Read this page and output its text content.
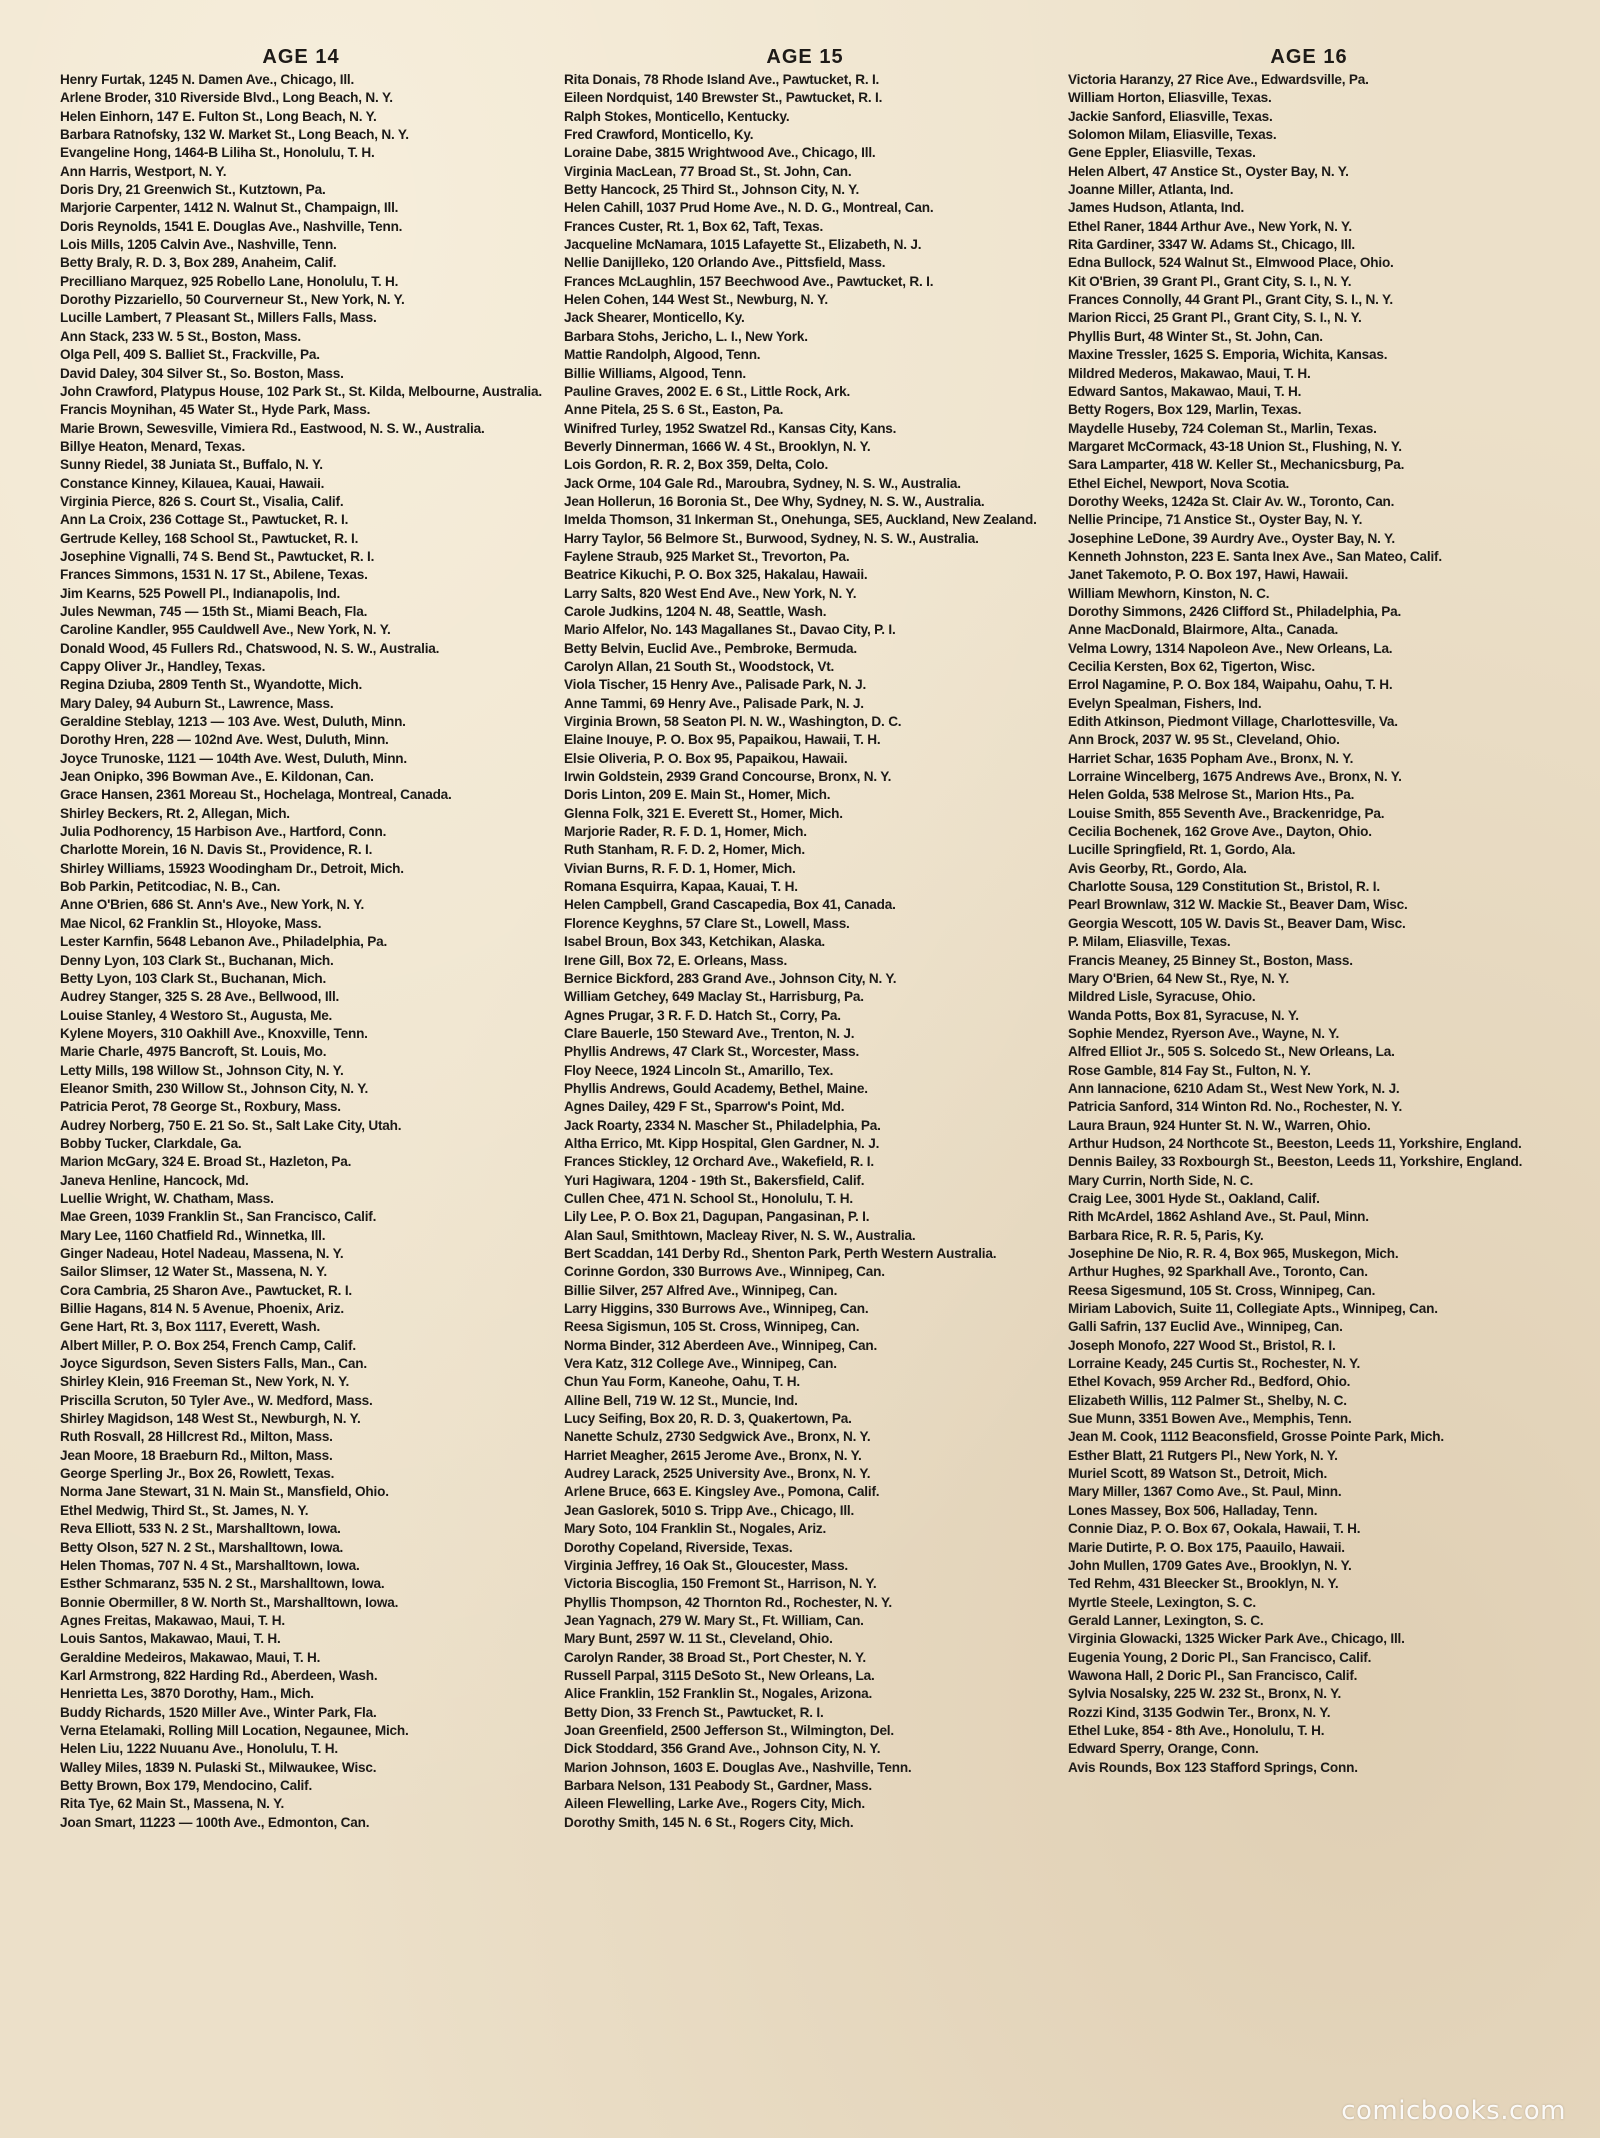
AGE 14
Henry Furtak, 1245 N. Damen Ave., Chicago, Ill.
Arlene Broder, 310 Riverside Blvd., Long Beach, N. Y.
Helen Einhorn, 147 E. Fulton St., Long Beach, N. Y.
Barbara Ratnofsky, 132 W. Market St., Long Beach, N. Y.
Evangeline Hong, 1464-B Liliha St., Honolulu, T. H.
Ann Harris, Westport, N. Y.
Doris Dry, 21 Greenwich St., Kutztown, Pa.
Marjorie Carpenter, 1412 N. Walnut St., Champaign, Ill.
Doris Reynolds, 1541 E. Douglas Ave., Nashville, Tenn.
Lois Mills, 1205 Calvin Ave., Nashville, Tenn.
Betty Braly, R. D. 3, Box 289, Anaheim, Calif.
Precilliano Marquez, 925 Robello Lane, Honolulu, T. H.
Dorothy Pizzariello, 50 Courverneur St., New York, N. Y.
Lucille Lambert, 7 Pleasant St., Millers Falls, Mass.
Ann Stack, 233 W. 5 St., Boston, Mass.
Olga Pell, 409 S. Balliet St., Frackville, Pa.
David Daley, 304 Silver St., So. Boston, Mass.
John Crawford, Platypus House, 102 Park St., St. Kilda, Melbourne, Australia.
Francis Moynihan, 45 Water St., Hyde Park, Mass.
Marie Brown, Sewesville, Vimiera Rd., Eastwood, N. S. W., Australia.
Billye Heaton, Menard, Texas.
Sunny Riedel, 38 Juniata St., Buffalo, N. Y.
Constance Kinney, Kilauea, Kauai, Hawaii.
Virginia Pierce, 826 S. Court St., Visalia, Calif.
Ann La Croix, 236 Cottage St., Pawtucket, R. I.
Gertrude Kelley, 168 School St., Pawtucket, R. I.
Josephine Vignalli, 74 S. Bend St., Pawtucket, R. I.
Frances Simmons, 1531 N. 17 St., Abilene, Texas.
Jim Kearns, 525 Powell Pl., Indianapolis, Ind.
Jules Newman, 745 — 15th St., Miami Beach, Fla.
Caroline Kandler, 955 Cauldwell Ave., New York, N. Y.
Donald Wood, 45 Fullers Rd., Chatswood, N. S. W., Australia.
Cappy Oliver Jr., Handley, Texas.
Regina Dziuba, 2809 Tenth St., Wyandotte, Mich.
Mary Daley, 94 Auburn St., Lawrence, Mass.
Geraldine Steblay, 1213 — 103 Ave. West, Duluth, Minn.
Dorothy Hren, 228 — 102nd Ave. West, Duluth, Minn.
Joyce Trunoske, 1121 — 104th Ave. West, Duluth, Minn.
Jean Onipko, 396 Bowman Ave., E. Kildonan, Can.
Grace Hansen, 2361 Moreau St., Hochelaga, Montreal, Canada.
Shirley Beckers, Rt. 2, Allegan, Mich.
Julia Podhorency, 15 Harbison Ave., Hartford, Conn.
Charlotte Morein, 16 N. Davis St., Providence, R. I.
Shirley Williams, 15923 Woodingham Dr., Detroit, Mich.
Bob Parkin, Petitcodiac, N. B., Can.
Anne O'Brien, 686 St. Ann's Ave., New York, N. Y.
Mae Nicol, 62 Franklin St., Hloyoke, Mass.
Lester Karnfin, 5648 Lebanon Ave., Philadelphia, Pa.
Denny Lyon, 103 Clark St., Buchanan, Mich.
Betty Lyon, 103 Clark St., Buchanan, Mich.
Audrey Stanger, 325 S. 28 Ave., Bellwood, Ill.
Louise Stanley, 4 Westoro St., Augusta, Me.
Kylene Moyers, 310 Oakhill Ave., Knoxville, Tenn.
Marie Charle, 4975 Bancroft, St. Louis, Mo.
Letty Mills, 198 Willow St., Johnson City, N. Y.
Eleanor Smith, 230 Willow St., Johnson City, N. Y.
Patricia Perot, 78 George St., Roxbury, Mass.
Audrey Norberg, 750 E. 21 So. St., Salt Lake City, Utah.
Bobby Tucker, Clarkdale, Ga.
Marion McGary, 324 E. Broad St., Hazleton, Pa.
Janeva Henline, Hancock, Md.
Luellie Wright, W. Chatham, Mass.
Mae Green, 1039 Franklin St., San Francisco, Calif.
Mary Lee, 1160 Chatfield Rd., Winnetka, Ill.
Ginger Nadeau, Hotel Nadeau, Massena, N. Y.
Sailor Slimser, 12 Water St., Massena, N. Y.
Cora Cambria, 25 Sharon Ave., Pawtucket, R. I.
Billie Hagans, 814 N. 5 Avenue, Phoenix, Ariz.
Gene Hart, Rt. 3, Box 1117, Everett, Wash.
Albert Miller, P. O. Box 254, French Camp, Calif.
Joyce Sigurdson, Seven Sisters Falls, Man., Can.
Shirley Klein, 916 Freeman St., New York, N. Y.
Priscilla Scruton, 50 Tyler Ave., W. Medford, Mass.
Shirley Magidson, 148 West St., Newburgh, N. Y.
Ruth Rosvall, 28 Hillcrest Rd., Milton, Mass.
Jean Moore, 18 Braeburn Rd., Milton, Mass.
George Sperling Jr., Box 26, Rowlett, Texas.
Norma Jane Stewart, 31 N. Main St., Mansfield, Ohio.
Ethel Medwig, Third St., St. James, N. Y.
Reva Elliott, 533 N. 2 St., Marshalltown, Iowa.
Betty Olson, 527 N. 2 St., Marshalltown, Iowa.
Helen Thomas, 707 N. 4 St., Marshalltown, Iowa.
Esther Schmaranz, 535 N. 2 St., Marshalltown, Iowa.
Bonnie Obermiller, 8 W. North St., Marshalltown, Iowa.
Agnes Freitas, Makawao, Maui, T. H.
Louis Santos, Makawao, Maui, T. H.
Geraldine Medeiros, Makawao, Maui, T. H.
Karl Armstrong, 822 Harding Rd., Aberdeen, Wash.
Henrietta Les, 3870 Dorothy, Ham., Mich.
Buddy Richards, 1520 Miller Ave., Winter Park, Fla.
Verna Etelamaki, Rolling Mill Location, Negaunee, Mich.
Helen Liu, 1222 Nuuanu Ave., Honolulu, T. H.
Walley Miles, 1839 N. Pulaski St., Milwaukee, Wisc.
Betty Brown, Box 179, Mendocino, Calif.
Rita Tye, 62 Main St., Massena, N. Y.
Joan Smart, 11223 — 100th Ave., Edmonton, Can.
AGE 15
Rita Donais, 78 Rhode Island Ave., Pawtucket, R. I.
Eileen Nordquist, 140 Brewster St., Pawtucket, R. I.
Ralph Stokes, Monticello, Kentucky.
Fred Crawford, Monticello, Ky.
Loraine Dabe, 3815 Wrightwood Ave., Chicago, Ill.
Virginia MacLean, 77 Broad St., St. John, Can.
Betty Hancock, 25 Third St., Johnson City, N. Y.
Helen Cahill, 1037 Prud Home Ave., N. D. G., Montreal, Can.
Frances Custer, Rt. 1, Box 62, Taft, Texas.
Jacqueline McNamara, 1015 Lafayette St., Elizabeth, N. J.
Nellie Danijlleko, 120 Orlando Ave., Pittsfield, Mass.
Frances McLaughlin, 157 Beechwood Ave., Pawtucket, R. I.
Helen Cohen, 144 West St., Newburg, N. Y.
Jack Shearer, Monticello, Ky.
Barbara Stohs, Jericho, L. I., New York.
Mattie Randolph, Algood, Tenn.
Billie Williams, Algood, Tenn.
Pauline Graves, 2002 E. 6 St., Little Rock, Ark.
Anne Pitela, 25 S. 6 St., Easton, Pa.
Winifred Turley, 1952 Swatzel Rd., Kansas City, Kans.
Beverly Dinnerman, 1666 W. 4 St., Brooklyn, N. Y.
Lois Gordon, R. R. 2, Box 359, Delta, Colo.
Jack Orme, 104 Gale Rd., Maroubra, Sydney, N. S. W., Australia.
Jean Hollerun, 16 Boronia St., Dee Why, Sydney, N. S. W., Australia.
Imelda Thomson, 31 Inkerman St., Onehunga, SE5, Auckland, New Zealand.
Harry Taylor, 56 Belmore St., Burwood, Sydney, N. S. W., Australia.
Faylene Straub, 925 Market St., Trevorton, Pa.
Beatrice Kikuchi, P. O. Box 325, Hakalau, Hawaii.
Larry Salts, 820 West End Ave., New York, N. Y.
Carole Judkins, 1204 N. 48, Seattle, Wash.
Mario Alfelor, No. 143 Magallanes St., Davao City, P. I.
Betty Belvin, Euclid Ave., Pembroke, Bermuda.
Carolyn Allan, 21 South St., Woodstock, Vt.
Viola Tischer, 15 Henry Ave., Palisade Park, N. J.
Anne Tammi, 69 Henry Ave., Palisade Park, N. J.
Virginia Brown, 58 Seaton Pl. N. W., Washington, D. C.
Elaine Inouye, P. O. Box 95, Papaikou, Hawaii, T. H.
Elsie Oliveria, P. O. Box 95, Papaikou, Hawaii.
Irwin Goldstein, 2939 Grand Concourse, Bronx, N. Y.
Doris Linton, 209 E. Main St., Homer, Mich.
Glenna Folk, 321 E. Everett St., Homer, Mich.
Marjorie Rader, R. F. D. 1, Homer, Mich.
Ruth Stanham, R. F. D. 2, Homer, Mich.
Vivian Burns, R. F. D. 1, Homer, Mich.
Romana Esquirra, Kapaa, Kauai, T. H.
Helen Campbell, Grand Cascapedia, Box 41, Canada.
Florence Keyghns, 57 Clare St., Lowell, Mass.
Isabel Broun, Box 343, Ketchikan, Alaska.
Irene Gill, Box 72, E. Orleans, Mass.
Bernice Bickford, 283 Grand Ave., Johnson City, N. Y.
William Getchey, 649 Maclay St., Harrisburg, Pa.
Agnes Prugar, 3 R. F. D. Hatch St., Corry, Pa.
Clare Bauerle, 150 Steward Ave., Trenton, N. J.
Phyllis Andrews, 47 Clark St., Worcester, Mass.
Floy Neece, 1924 Lincoln St., Amarillo, Tex.
Phyllis Andrews, Gould Academy, Bethel, Maine.
Agnes Dailey, 429 F St., Sparrow's Point, Md.
Jack Roarty, 2334 N. Mascher St., Philadelphia, Pa.
Altha Errico, Mt. Kipp Hospital, Glen Gardner, N. J.
Frances Stickley, 12 Orchard Ave., Wakefield, R. I.
Yuri Hagiwara, 1204 - 19th St., Bakersfield, Calif.
Cullen Chee, 471 N. School St., Honolulu, T. H.
Lily Lee, P. O. Box 21, Dagupan, Pangasinan, P. I.
Alan Saul, Smithtown, Macleay River, N. S. W., Australia.
Bert Scaddan, 141 Derby Rd., Shenton Park, Perth Western Australia.
Corinne Gordon, 330 Burrows Ave., Winnipeg, Can.
Billie Silver, 257 Alfred Ave., Winnipeg, Can.
Larry Higgins, 330 Burrows Ave., Winnipeg, Can.
Reesa Sigismun, 105 St. Cross, Winnipeg, Can.
Norma Binder, 312 Aberdeen Ave., Winnipeg, Can.
Vera Katz, 312 College Ave., Winnipeg, Can.
Chun Yau Form, Kaneohe, Oahu, T. H.
Alline Bell, 719 W. 12 St., Muncie, Ind.
Lucy Seifing, Box 20, R. D. 3, Quakertown, Pa.
Nanette Schulz, 2730 Sedgwick Ave., Bronx, N. Y.
Harriet Meagher, 2615 Jerome Ave., Bronx, N. Y.
Audrey Larack, 2525 University Ave., Bronx, N. Y.
Arlene Bruce, 663 E. Kingsley Ave., Pomona, Calif.
Jean Gaslorek, 5010 S. Tripp Ave., Chicago, Ill.
Mary Soto, 104 Franklin St., Nogales, Ariz.
Dorothy Copeland, Riverside, Texas.
Virginia Jeffrey, 16 Oak St., Gloucester, Mass.
Victoria Biscoglia, 150 Fremont St., Harrison, N. Y.
Phyllis Thompson, 42 Thornton Rd., Rochester, N. Y.
Jean Yagnach, 279 W. Mary St., Ft. William, Can.
Mary Bunt, 2597 W. 11 St., Cleveland, Ohio.
Carolyn Rander, 38 Broad St., Port Chester, N. Y.
Russell Parpal, 3115 DeSoto St., New Orleans, La.
Alice Franklin, 152 Franklin St., Nogales, Arizona.
Betty Dion, 33 French St., Pawtucket, R. I.
Joan Greenfield, 2500 Jefferson St., Wilmington, Del.
Dick Stoddard, 356 Grand Ave., Johnson City, N. Y.
Marion Johnson, 1603 E. Douglas Ave., Nashville, Tenn.
Barbara Nelson, 131 Peabody St., Gardner, Mass.
Aileen Flewelling, Larke Ave., Rogers City, Mich.
Dorothy Smith, 145 N. 6 St., Rogers City, Mich.
AGE 16
Victoria Haranzy, 27 Rice Ave., Edwardsville, Pa.
William Horton, Eliasville, Texas.
Jackie Sanford, Eliasville, Texas.
Solomon Milam, Eliasville, Texas.
Gene Eppler, Eliasville, Texas.
Helen Albert, 47 Anstice St., Oyster Bay, N. Y.
Joanne Miller, Atlanta, Ind.
James Hudson, Atlanta, Ind.
Ethel Raner, 1844 Arthur Ave., New York, N. Y.
Rita Gardiner, 3347 W. Adams St., Chicago, Ill.
Edna Bullock, 524 Walnut St., Elmwood Place, Ohio.
Kit O'Brien, 39 Grant Pl., Grant City, S. I., N. Y.
Frances Connolly, 44 Grant Pl., Grant City, S. I., N. Y.
Marion Ricci, 25 Grant Pl., Grant City, S. I., N. Y.
Phyllis Burt, 48 Winter St., St. John, Can.
Maxine Tressler, 1625 S. Emporia, Wichita, Kansas.
Mildred Mederos, Makawao, Maui, T. H.
Edward Santos, Makawao, Maui, T. H.
Betty Rogers, Box 129, Marlin, Texas.
Maydelle Huseby, 724 Coleman St., Marlin, Texas.
Margaret McCormack, 43-18 Union St., Flushing, N. Y.
Sara Lamparter, 418 W. Keller St., Mechanicsburg, Pa.
Ethel Eichel, Newport, Nova Scotia.
Dorothy Weeks, 1242a St. Clair Av. W., Toronto, Can.
Nellie Principe, 71 Anstice St., Oyster Bay, N. Y.
Josephine LeDone, 39 Aurdry Ave., Oyster Bay, N. Y.
Kenneth Johnston, 223 E. Santa Inex Ave., San Mateo, Calif.
Janet Takemoto, P. O. Box 197, Hawi, Hawaii.
William Mewhorn, Kinston, N. C.
Dorothy Simmons, 2426 Clifford St., Philadelphia, Pa.
Anne MacDonald, Blairmore, Alta., Canada.
Velma Lowry, 1314 Napoleon Ave., New Orleans, La.
Cecilia Kersten, Box 62, Tigerton, Wisc.
Errol Nagamine, P. O. Box 184, Waipahu, Oahu, T. H.
Evelyn Spealman, Fishers, Ind.
Edith Atkinson, Piedmont Village, Charlottesville, Va.
Ann Brock, 2037 W. 95 St., Cleveland, Ohio.
Harriet Schar, 1635 Popham Ave., Bronx, N. Y.
Lorraine Wincelberg, 1675 Andrews Ave., Bronx, N. Y.
Helen Golda, 538 Melrose St., Marion Hts., Pa.
Louise Smith, 855 Seventh Ave., Brackenridge, Pa.
Cecilia Bochenek, 162 Grove Ave., Dayton, Ohio.
Lucille Springfield, Rt. 1, Gordo, Ala.
Avis Georby, Rt., Gordo, Ala.
Charlotte Sousa, 129 Constitution St., Bristol, R. I.
Pearl Brownlaw, 312 W. Mackie St., Beaver Dam, Wisc.
Georgia Wescott, 105 W. Davis St., Beaver Dam, Wisc.
P. Milam, Eliasville, Texas.
Francis Meaney, 25 Binney St., Boston, Mass.
Mary O'Brien, 64 New St., Rye, N. Y.
Mildred Lisle, Syracuse, Ohio.
Wanda Potts, Box 81, Syracuse, N. Y.
Sophie Mendez, Ryerson Ave., Wayne, N. Y.
Alfred Elliot Jr., 505 S. Solcedo St., New Orleans, La.
Rose Gamble, 814 Fay St., Fulton, N. Y.
Ann Iannacione, 6210 Adam St., West New York, N. J.
Patricia Sanford, 314 Winton Rd. No., Rochester, N. Y.
Laura Braun, 924 Hunter St. N. W., Warren, Ohio.
Arthur Hudson, 24 Northcote St., Beeston, Leeds 11, Yorkshire, England.
Dennis Bailey, 33 Roxbourgh St., Beeston, Leeds 11, Yorkshire, England.
Mary Currin, North Side, N. C.
Craig Lee, 3001 Hyde St., Oakland, Calif.
Rith McArdel, 1862 Ashland Ave., St. Paul, Minn.
Barbara Rice, R. R. 5, Paris, Ky.
Josephine De Nio, R. R. 4, Box 965, Muskegon, Mich.
Arthur Hughes, 92 Sparkhall Ave., Toronto, Can.
Reesa Sigesmund, 105 St. Cross, Winnipeg, Can.
Miriam Labovich, Suite 11, Collegiate Apts., Winnipeg, Can.
Galli Safrin, 137 Euclid Ave., Winnipeg, Can.
Joseph Monofo, 227 Wood St., Bristol, R. I.
Lorraine Keady, 245 Curtis St., Rochester, N. Y.
Ethel Kovach, 959 Archer Rd., Bedford, Ohio.
Elizabeth Willis, 112 Palmer St., Shelby, N. C.
Sue Munn, 3351 Bowen Ave., Memphis, Tenn.
Jean M. Cook, 1112 Beaconsfield, Grosse Pointe Park, Mich.
Esther Blatt, 21 Rutgers Pl., New York, N. Y.
Muriel Scott, 89 Watson St., Detroit, Mich.
Mary Miller, 1367 Como Ave., St. Paul, Minn.
Lones Massey, Box 506, Halladay, Tenn.
Connie Diaz, P. O. Box 67, Ookala, Hawaii, T. H.
Marie Dutirte, P. O. Box 175, Paauilo, Hawaii.
John Mullen, 1709 Gates Ave., Brooklyn, N. Y.
Ted Rehm, 431 Bleecker St., Brooklyn, N. Y.
Myrtle Steele, Lexington, S. C.
Gerald Lanner, Lexington, S. C.
Virginia Glowacki, 1325 Wicker Park Ave., Chicago, Ill.
Eugenia Young, 2 Doric Pl., San Francisco, Calif.
Wawona Hall, 2 Doric Pl., San Francisco, Calif.
Sylvia Nosalsky, 225 W. 232 St., Bronx, N. Y.
Rozzi Kind, 3135 Godwin Ter., Bronx, N. Y.
Ethel Luke, 854 - 8th Ave., Honolulu, T. H.
Edward Sperry, Orange, Conn.
Avis Rounds, Box 123 Stafford Springs, Conn.
comicbooks.com
